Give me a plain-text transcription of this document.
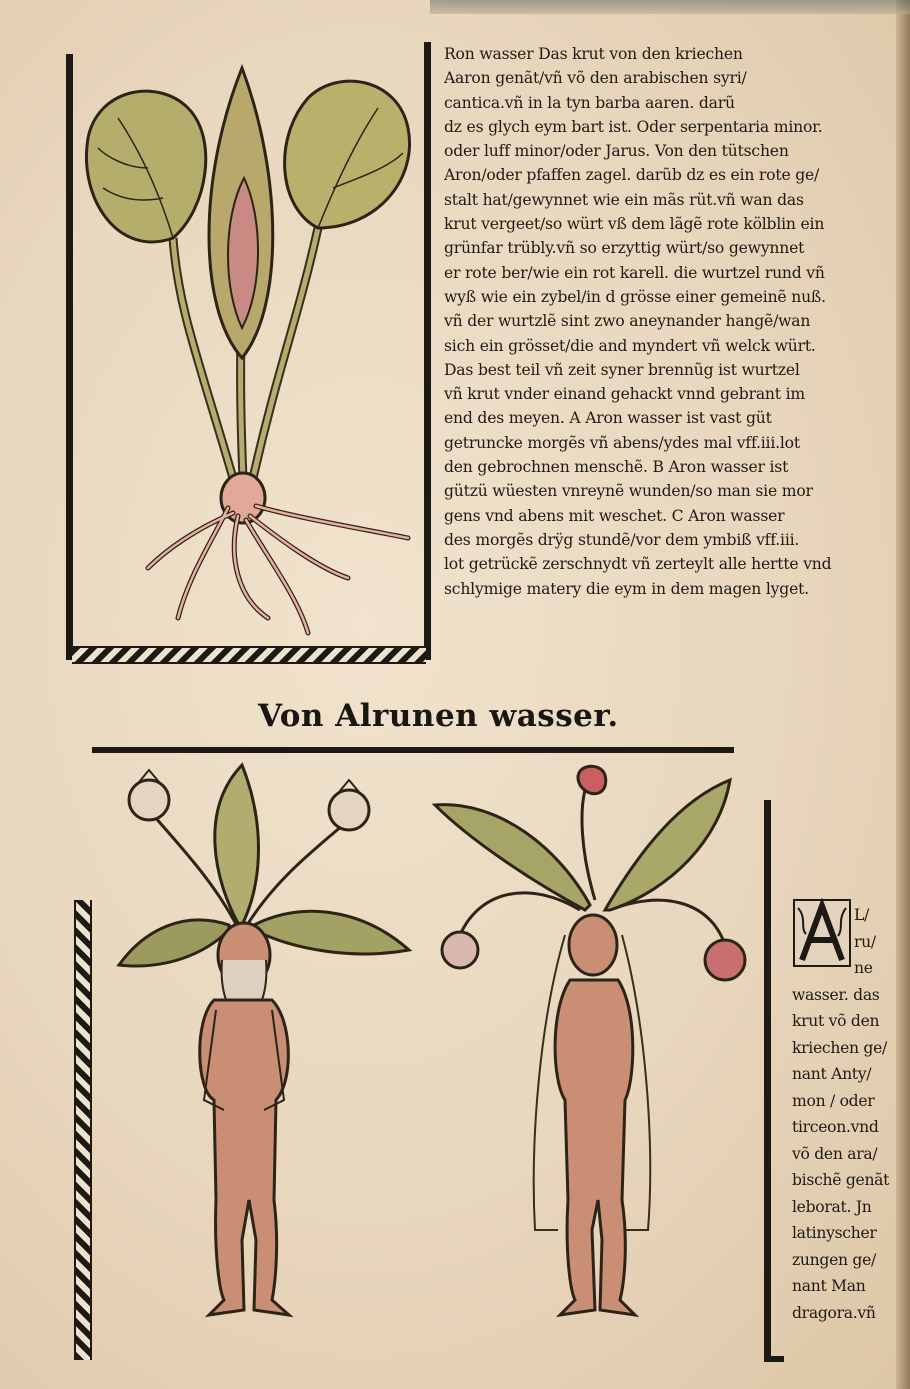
Ron wasser Das krut von den kriechen
Aaron genãt/vñ võ den arabischen syri/
cantica.vñ in la tyn barba aaren. darũ
dz es glych eym bart ist. Oder serpentaria minor.
oder luff minor/oder Jarus. Von den tütschen
Aron/oder pfaffen zagel. darũb dz es ein rote ge/
stalt hat/gewynnet wie ein mãs rüt.vñ wan das
krut vergeet/so würt vß dem lãgẽ rote kölblin ein
grünfar trübly.vñ so erzyttig würt/so gewynnet
er rote ber/wie ein rot karell. die wurtzel rund vñ
wyß wie ein zybel/in d grösse einer gemeinẽ nuß.
vñ der wurtzlẽ sint zwo aneynander hangẽ/wan
sich ein grösset/die and myndert vñ welck würt.
Das best teil vñ zeit syner brennũg ist wurtzel
vñ krut vnder einand gehackt vnnd gebrant im
end des meyen. A Aron wasser ist vast güt
getruncke morgẽs vñ abens/ydes mal vff.iii.lot
den gebrochnen menschẽ. B Aron wasser ist
gützü wüesten vnreynẽ wunden/so man sie mor
gens vnd abens mit weschet. C Aron wasser
des morgẽs drÿg stundẽ/vor dem ymbiß vff.iii.
lot getrückẽ zerschnydt vñ zerteylt alle hertte vnd
schlymige matery die eym in dem magen lyget.
Von Alrunen wasser.
L/
ru/
ne
wasser. das
krut võ den
kriechen ge/
nant Anty/
mon / oder
tirceon.vnd
võ den ara/
bischẽ genãt
leborat. Jn
latinyscher
zungen ge/
nant Man
dragora.vñ
